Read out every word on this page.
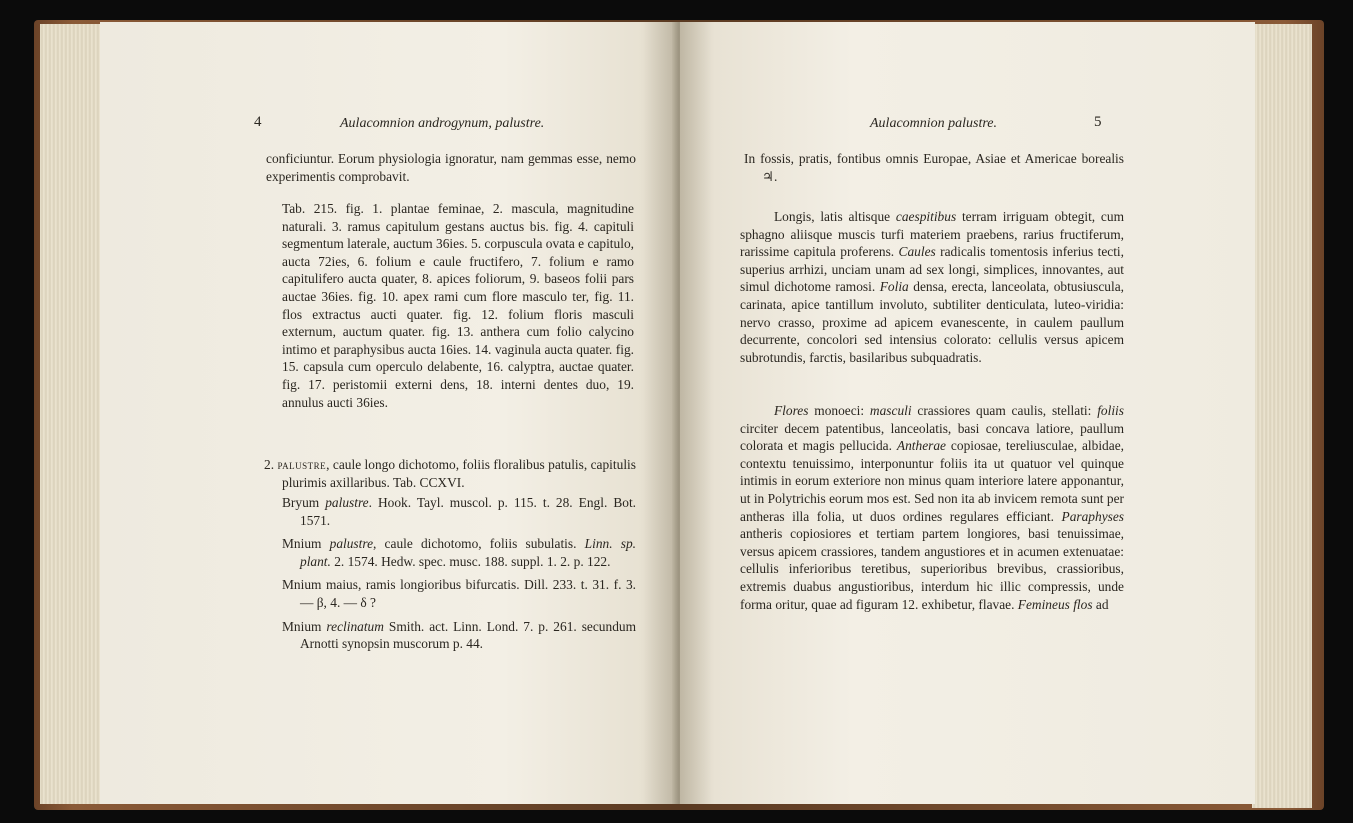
4	Aulacomnion androgynum, palustre.

conficiuntur. Eorum physiologia ignoratur, nam gemmas esse, nemo experimentis comprobavit.

Tab. 215. fig. 1. plantae feminae, 2. mascula, magnitudine naturali. 3. ramus capitulum gestans auctus bis. fig. 4. capituli segmentum laterale, auctum 36ies. 5. corpuscula ovata e capitulo, aucta 72ies, 6. folium e caule fructifero, 7. folium e ramo capitulifero aucta quater, 8. apices foliorum, 9. baseos folii pars auctae 36ies. fig. 10. apex rami cum flore masculo ter, fig. 11. flos extractus aucti quater. fig. 12. folium floris masculi externum, auctum quater. fig. 13. anthera cum folio calycino intimo et paraphysibus aucta 16ies. 14. vaginula aucta quater. fig. 15. capsula cum operculo delabente, 16. calyptra, auctae quater. fig. 17. peristomii externi dens, 18. interni dentes duo, 19. annulus aucti 36ies.

2. palustre, caule longo dichotomo, foliis floralibus patulis, capitulis plurimis axillaribus. Tab. CCXVI.

Bryum palustre. Hook. Tayl. muscol. p. 115. t. 28. Engl. Bot. 1571.

Mnium palustre, caule dichotomo, foliis subulatis. Linn. sp. plant. 2. 1574. Hedw. spec. musc. 188. suppl. 1. 2. p. 122.

Mnium maius, ramis longioribus bifurcatis. Dill. 233. t. 31. f. 3. — β, 4. — δ ?

Mnium reclinatum Smith. act. Linn. Lond. 7. p. 261. secundum Arnotti synopsin muscorum p. 44.

Aulacomnion palustre.	5

In fossis, pratis, fontibus omnis Europae, Asiae et Americae borealis ♃.

Longis, latis altisque caespitibus terram irriguam obtegit, cum sphagno aliisque muscis turfi materiem praebens, rarius fructiferum, rarissime capitula proferens. Caules radicalis tomentosis inferius tecti, superius arrhizi, unciam unam ad sex longi, simplices, innovantes, aut simul dichotome ramosi. Folia densa, erecta, lanceolata, obtusiuscula, carinata, apice tantillum involuto, subtiliter denticulata, luteo-viridia: nervo crasso, proxime ad apicem evanescente, in caulem paullum decurrente, concolori sed intensius colorato: cellulis versus apicem subrotundis, farctis, basilaribus subquadratis.

Flores monoeci: masculi crassiores quam caulis, stellati: foliis circiter decem patentibus, lanceolatis, basi concava latiore, paullum colorata et magis pellucida. Antherae copiosae, tereliusculae, albidae, contextu tenuissimo, interponuntur foliis ita ut quatuor vel quinque intimis in eorum exteriore non minus quam interiore latere apponantur, ut in Polytrichis eorum mos est. Sed non ita ab invicem remota sunt per antheras illa folia, ut duos ordines regulares efficiant. Paraphyses antheris copiosiores et tertiam partem longiores, basi tenuissimae, versus apicem crassiores, tandem angustiores et in acumen extenuatae: cellulis inferioribus teretibus, superioribus brevibus, crassioribus, extremis duabus angustioribus, interdum hic illic compressis, unde forma oritur, quae ad figuram 12. exhibetur, flavae. Femineus flos ad
